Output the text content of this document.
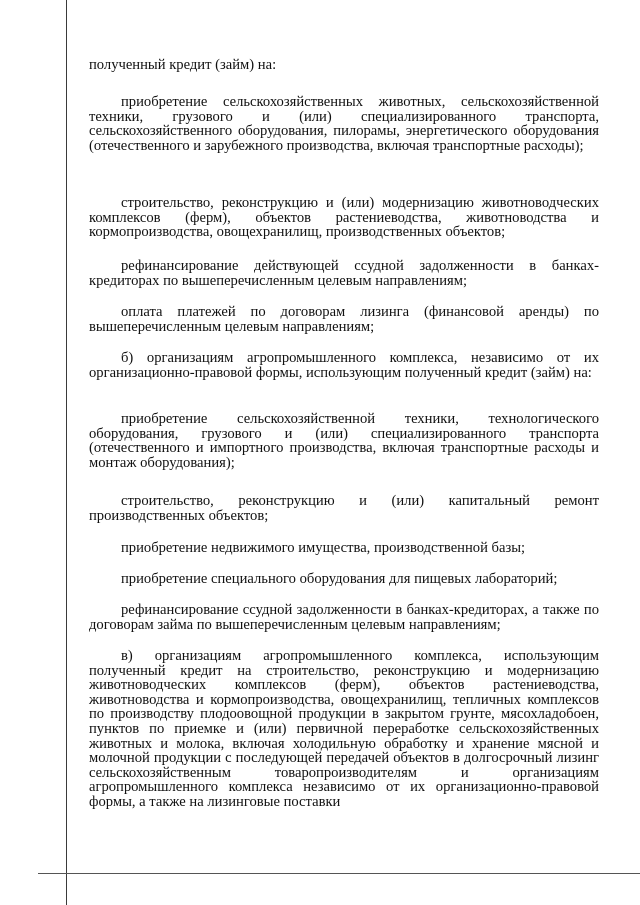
полученный кредит (займ) на:

приобретение сельскохозяйственных животных, сельскохозяйственной техники, грузового и (или) специализированного транспорта, сельскохозяйственного оборудования, пилорамы, энергетического оборудования (отечественного и зарубежного производства, включая транспортные расходы);

строительство, реконструкцию и (или) модернизацию животноводческих комплексов (ферм), объектов растениеводства, животноводства и кормопроизводства, овощехранилищ, производственных объектов;

рефинансирование действующей ссудной задолженности в банках-кредиторах по вышеперечисленным целевым направлениям;

оплата платежей по договорам лизинга (финансовой аренды) по вышеперечисленным целевым направлениям;

б) организациям агропромышленного комплекса, независимо от их организационно-правовой формы, использующим полученный кредит (займ) на:

приобретение сельскохозяйственной техники, технологического оборудования, грузового и (или) специализированного транспорта (отечественного и импортного производства, включая транспортные расходы и монтаж оборудования);

строительство, реконструкцию и (или) капитальный ремонт производственных объектов;

приобретение недвижимого имущества, производственной базы;

приобретение специального оборудования для пищевых лабораторий;

рефинансирование ссудной задолженности в банках-кредиторах, а также по договорам займа по вышеперечисленным целевым направлениям;

в) организациям агропромышленного комплекса, использующим полученный кредит на строительство, реконструкцию и модернизацию животноводческих комплексов (ферм), объектов растениеводства, животноводства и кормопроизводства, овощехранилищ, тепличных комплексов по производству плодоовощной продукции в закрытом грунте, мясохладобоен, пунктов по приемке и (или) первичной переработке сельскохозяйственных животных и молока, включая холодильную обработку и хранение мясной и молочной продукции с последующей передачей объектов в долгосрочный лизинг сельскохозяйственным товаропроизводителям и организациям агропромышленного комплекса независимо от их организационно-правовой формы, а также на лизинговые поставки
